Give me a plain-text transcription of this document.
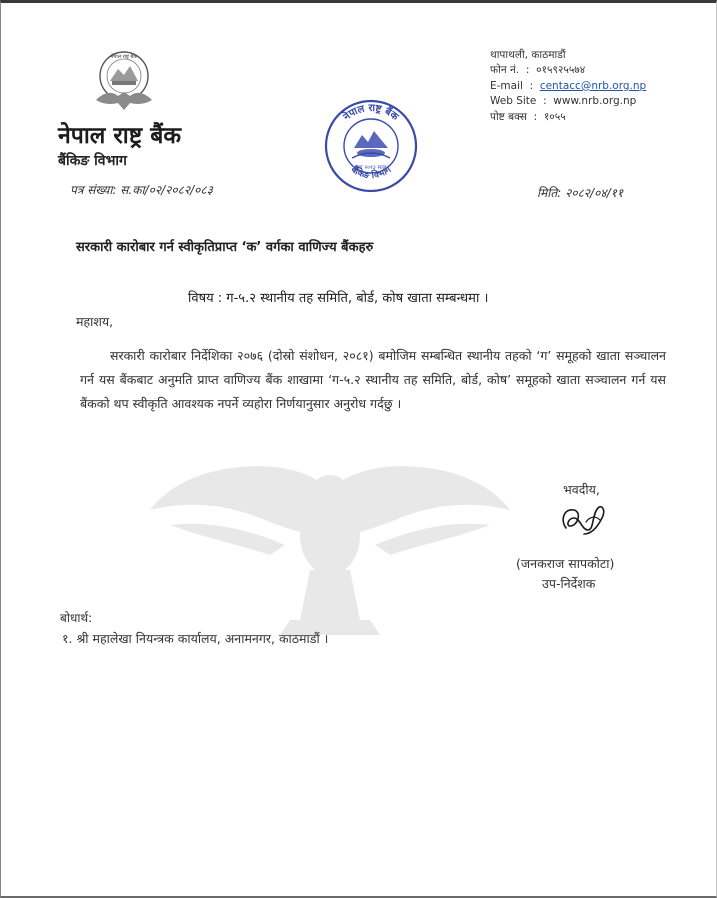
नेपाल राष्ट्र बैंक
नेपाल राष्ट्र बैंक
बैंकिङ विभाग
पत्र संख्या: स.का/०२/२०८२/०८३
नेपाल राष्ट्र बैंक
स्था २०१३ साल
बैंकिङ विभाग
थापाथली, काठमाडौं
फोन नं.  :  ०१५९२५५७४
E-mail  :  centacc@nrb.org.np
Web Site  :  www.nrb.org.np
पोष्ट बक्स  :  १०५५
मिति: २०८२/०४/११
सरकारी कारोबार गर्न स्वीकृतिप्राप्त ‘क’ वर्गका वाणिज्य बैंकहरु
विषय : ग-५.२ स्थानीय तह समिति, बोर्ड, कोष खाता सम्बन्धमा ।
महाशय,
सरकारी कारोबार निर्देशिका २०७६ (दोस्रो संशोधन, २०८१) बमोजिम सम्बन्धित स्थानीय तहको ‘ग’ समूहको खाता सञ्चालन गर्न यस बैंकबाट अनुमति प्राप्त वाणिज्य बैंक शाखामा ‘ग-५.२ स्थानीय तह समिति, बोर्ड, कोष’ समूहको खाता सञ्चालन गर्न यस बैंकको थप स्वीकृति आवश्यक नपर्ने व्यहोरा निर्णयानुसार अनुरोध गर्दछु ।
भवदीय,
(जनकराज सापकोटा)
उप-निर्देशक
बोधार्थ:
१. श्री महालेखा नियन्त्रक कार्यालय, अनामनगर, काठमाडौं ।
